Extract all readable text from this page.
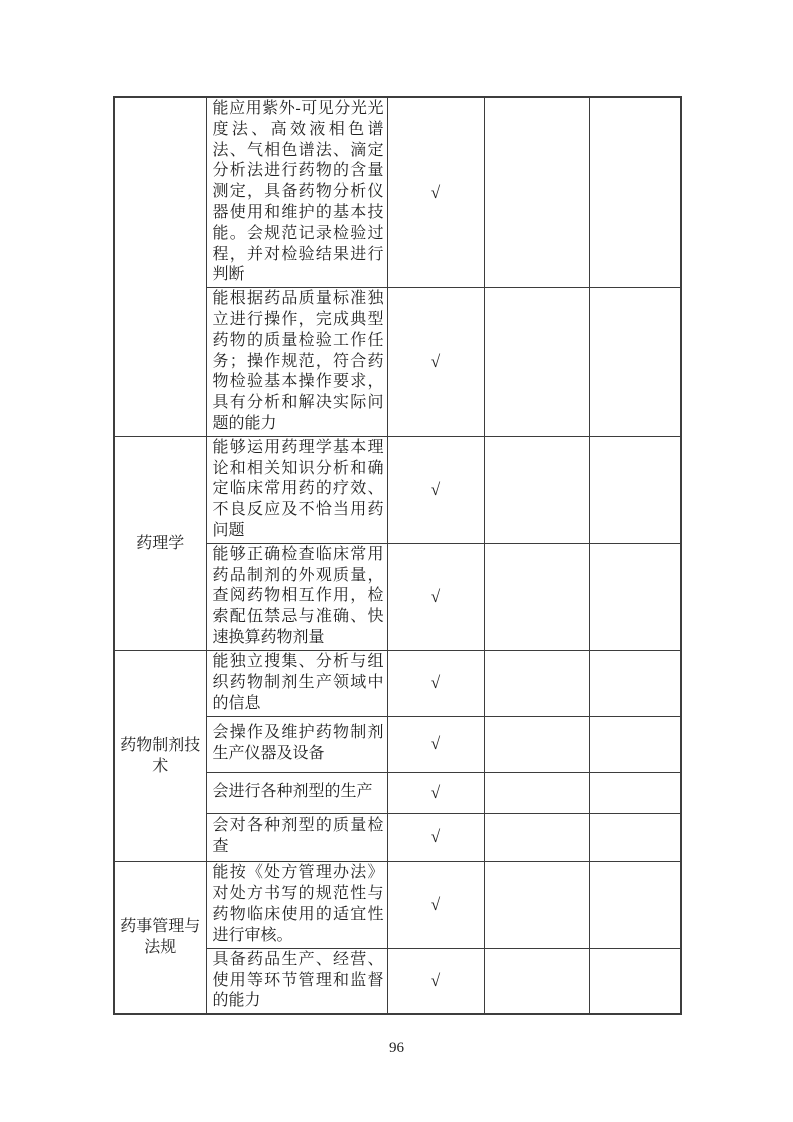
	能应用紫外-可见分光光度法、高效液相色谱法、气相色谱法、滴定分析法进行药物的含量测定，具备药物分析仪器使用和维护的基本技能。会规范记录检验过程，并对检验结果进行判断	√		
	能根据药品质量标准独立进行操作，完成典型药物的质量检验工作任务；操作规范，符合药物检验基本操作要求，具有分析和解决实际问题的能力	√		
药理学	能够运用药理学基本理论和相关知识分析和确定临床常用药的疗效、不良反应及不恰当用药问题	√		
	能够正确检查临床常用药品制剂的外观质量，查阅药物相互作用，检索配伍禁忌与准确、快速换算药物剂量	√		
药物制剂技术	能独立搜集、分析与组织药物制剂生产领域中的信息	√		
	会操作及维护药物制剂生产仪器及设备	√		
	会进行各种剂型的生产	√		
	会对各种剂型的质量检查	√		
药事管理与法规	能按《处方管理办法》对处方书写的规范性与药物临床使用的适宜性进行审核。	√		
	具备药品生产、经营、使用等环节管理和监督的能力	√		
96
